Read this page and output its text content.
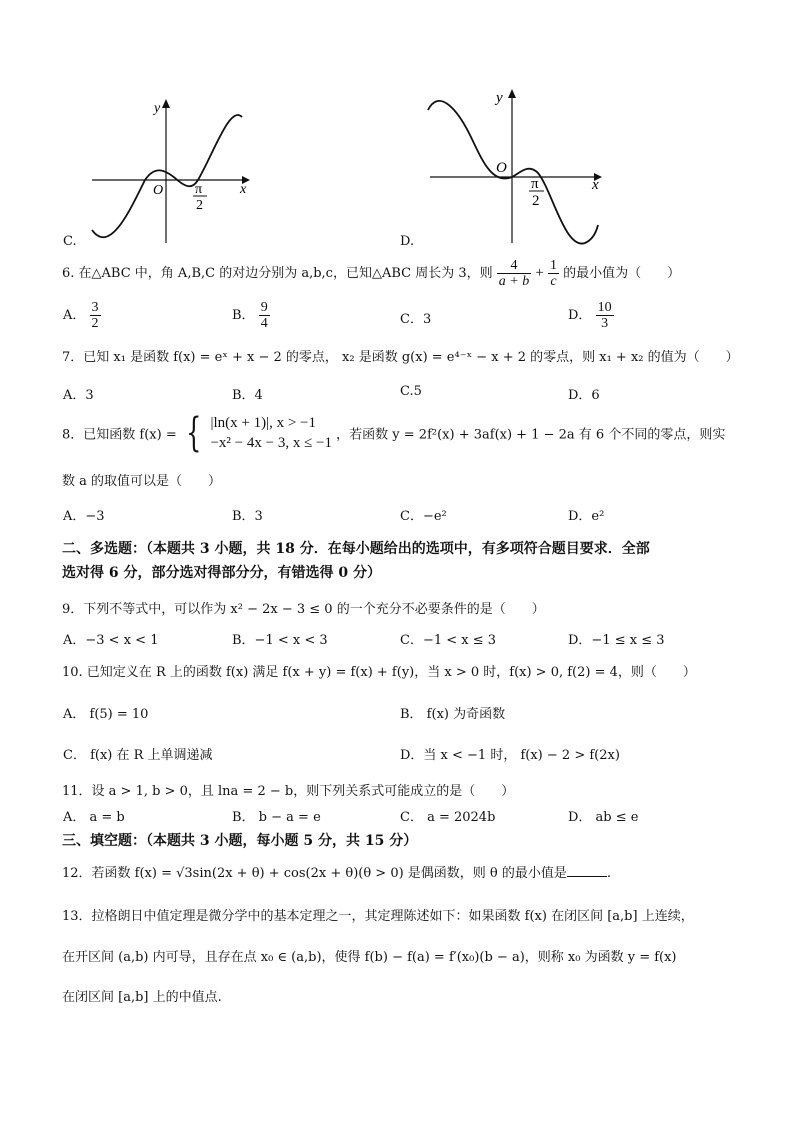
y
x
O π
2
C.
y
x
O
π
2
D.
6. 在△ABC 中，角 A,B,C 的对边分别为 a,b,c，已知△ABC 周长为 3，则 $\frac{4}{a + b} + \frac{1}{c}$ 的最小值为（　　）
A． $\frac{3}{2}$	B． $\frac{9}{4}$	C．3	D． $\frac{10}{3}$
7．已知 x₁ 是函数 f(x) = eˣ + x − 2 的零点， x₂ 是函数 g(x) = e⁴⁻ˣ − x + 2 的零点，则 x₁ + x₂ 的值为（　　）
A．3	B．4	C.5	D．6
8．已知函数 f(x) = { |ln(x + 1)|, x > −1
−x² − 4x − 3, x ≤ −1 ，若函数 y = 2f²(x) + 3af(x) + 1 − 2a 有 6 个不同的零点，则实
数 a 的取值可以是（　　）
A．−3	B．3	C．−e²	D．e²
二、多选题：（本题共 3 小题，共 18 分．在每小题给出的选项中，有多项符合题目要求．全部
选对得 6 分，部分选对得部分分，有错选得 0 分）
9．下列不等式中，可以作为 x² − 2x − 3 ≤ 0 的一个充分不必要条件的是（　　）
A．−3 < x < 1	B．−1 < x < 3	C．−1 < x ≤ 3	D．−1 ≤ x ≤ 3
10. 已知定义在 R 上的函数 f(x) 满足 f(x + y) = f(x) + f(y)，当 x > 0 时，f(x) > 0, f(2) = 4，则（　　）
A． f(5) = 10	B． f(x) 为奇函数
C． f(x) 在 R 上单调递减	D．当 x < −1 时， f(x) − 2 > f(2x)
11．设 a > 1, b > 0，且 lna = 2 − b，则下列关系式可能成立的是（　　）
A． a = b	B． b − a = e	C． a = 2024b	D． ab ≤ e
三、填空题：（本题共 3 小题，每小题 5 分，共 15 分）
12．若函数 f(x) = √3sin(2x + θ) + cos(2x + θ)(θ > 0) 是偶函数，则 θ 的最小值是	.
13．拉格朗日中值定理是微分学中的基本定理之一，其定理陈述如下：如果函数 f(x) 在闭区间 [a,b] 上连续，
在开区间 (a,b) 内可导，且存在点 x₀ ∈ (a,b)，使得 f(b) − f(a) = f′(x₀)(b − a)，则称 x₀ 为函数 y = f(x)
在闭区间 [a,b] 上的中值点.
